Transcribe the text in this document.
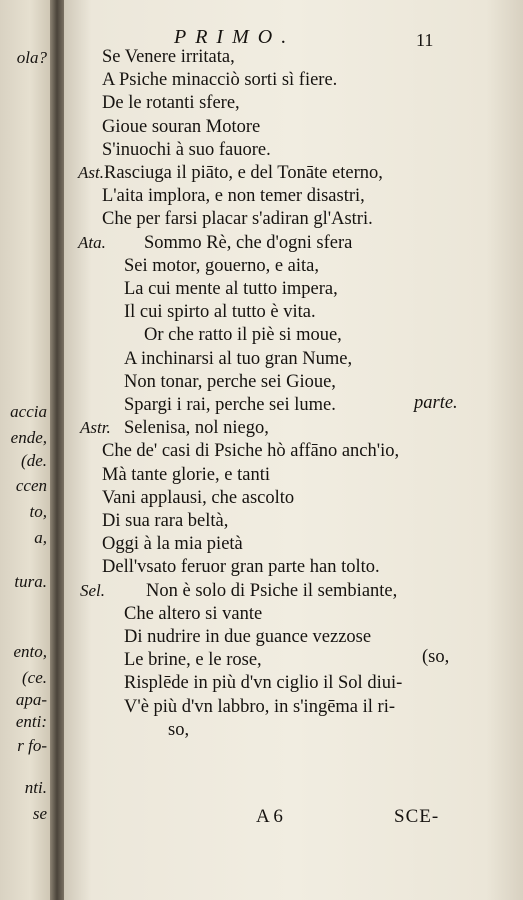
ola?
accia
ende,
(de.
ccen
to,
a,
tura.
ento,
(ce.
apa-
enti:
r fo-
nti.
se
PRIMO.	11
Se Venere irritata,
A Psiche minacciò sorti sì fiere.
De le rotanti sfere,
Gioue souran Motore
S'inuochi à suo fauore.
Ast. Rasciuga il piāto, e del Tonāte eterno,
L'aita implora, e non temer disastri,
Che per farsi placar s'adiran gl'Astri.
Ata. Sommo Rè, che d'ogni sfera
Sei motor, gouerno, e aita,
La cui mente al tutto impera,
Il cui spirto al tutto è vita.
Or che ratto il piè si moue,
A inchinarsi al tuo gran Nume,
Non tonar, perche sei Gioue,
Spargi i rai, perche sei lume.
Astr. Selenisa, nol niego,
Che de' casi di Psiche hò affāno anch'io,
Mà tante glorie, e tanti
Vani applausi, che ascolto
Di sua rara beltà,
Oggi à la mia pietà
Dell'vsato feruor gran parte han tolto.
Sel. Non è solo di Psiche il sembiante,
Che altero si vante
Di nudrire in due guance vezzose
Le brine, e le rose,
Risplēde in più d'vn ciglio il Sol diui-
V'è più d'vn labbro, in s'ingēma il ri-
so,
parte.
(so,
A 6	SCE-
